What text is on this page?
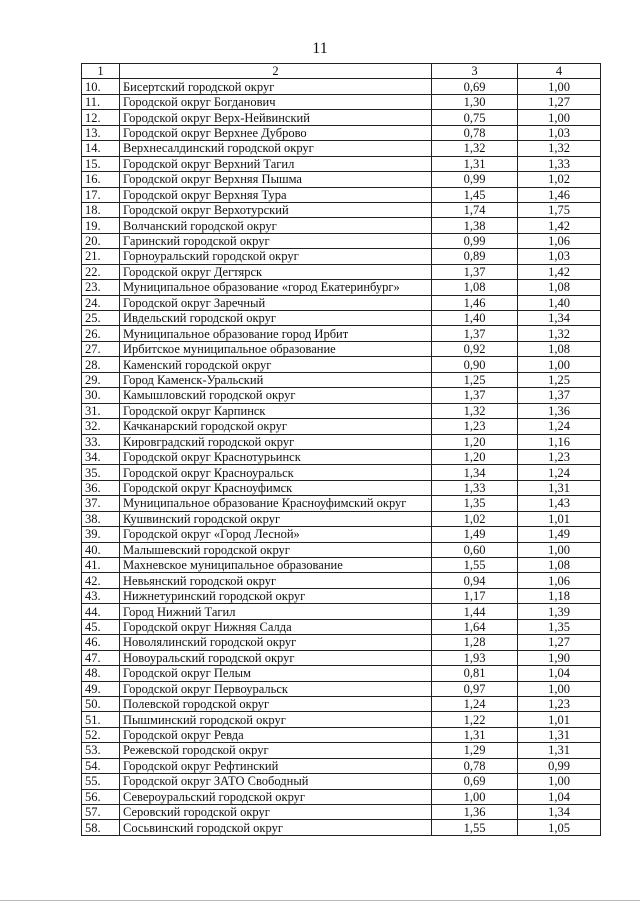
11
1	2	3	4
10.	Бисертский городской округ	0,69	1,00
11.	Городской округ Богданович	1,30	1,27
12.	Городской округ Верх-Нейвинский	0,75	1,00
13.	Городской округ Верхнее Дуброво	0,78	1,03
14.	Верхнесалдинский городской округ	1,32	1,32
15.	Городской округ Верхний Тагил	1,31	1,33
16.	Городской округ Верхняя Пышма	0,99	1,02
17.	Городской округ Верхняя Тура	1,45	1,46
18.	Городской округ Верхотурский	1,74	1,75
19.	Волчанский городской округ	1,38	1,42
20.	Гаринский городской округ	0,99	1,06
21.	Горноуральский городской округ	0,89	1,03
22.	Городской округ Дегтярск	1,37	1,42
23.	Муниципальное образование «город Екатеринбург»	1,08	1,08
24.	Городской округ Заречный	1,46	1,40
25.	Ивдельский городской округ	1,40	1,34
26.	Муниципальное образование город Ирбит	1,37	1,32
27.	Ирбитское муниципальное образование	0,92	1,08
28.	Каменский городской округ	0,90	1,00
29.	Город Каменск-Уральский	1,25	1,25
30.	Камышловский городской округ	1,37	1,37
31.	Городской округ Карпинск	1,32	1,36
32.	Качканарский городской округ	1,23	1,24
33.	Кировградский городской округ	1,20	1,16
34.	Городской округ Краснотурьинск	1,20	1,23
35.	Городской округ Красноуральск	1,34	1,24
36.	Городской округ Красноуфимск	1,33	1,31
37.	Муниципальное образование Красноуфимский округ	1,35	1,43
38.	Кушвинский городской округ	1,02	1,01
39.	Городской округ «Город Лесной»	1,49	1,49
40.	Малышевский городской округ	0,60	1,00
41.	Махневское муниципальное образование	1,55	1,08
42.	Невьянский городской округ	0,94	1,06
43.	Нижнетуринский городской округ	1,17	1,18
44.	Город Нижний Тагил	1,44	1,39
45.	Городской округ Нижняя Салда	1,64	1,35
46.	Новолялинский городской округ	1,28	1,27
47.	Новоуральский городской округ	1,93	1,90
48.	Городской округ Пелым	0,81	1,04
49.	Городской округ Первоуральск	0,97	1,00
50.	Полевской городской округ	1,24	1,23
51.	Пышминский городской округ	1,22	1,01
52.	Городской округ Ревда	1,31	1,31
53.	Режевской городской округ	1,29	1,31
54.	Городской округ Рефтинский	0,78	0,99
55.	Городской округ ЗАТО Свободный	0,69	1,00
56.	Североуральский городской округ	1,00	1,04
57.	Серовский городской округ	1,36	1,34
58.	Сосьвинский городской округ	1,55	1,05
